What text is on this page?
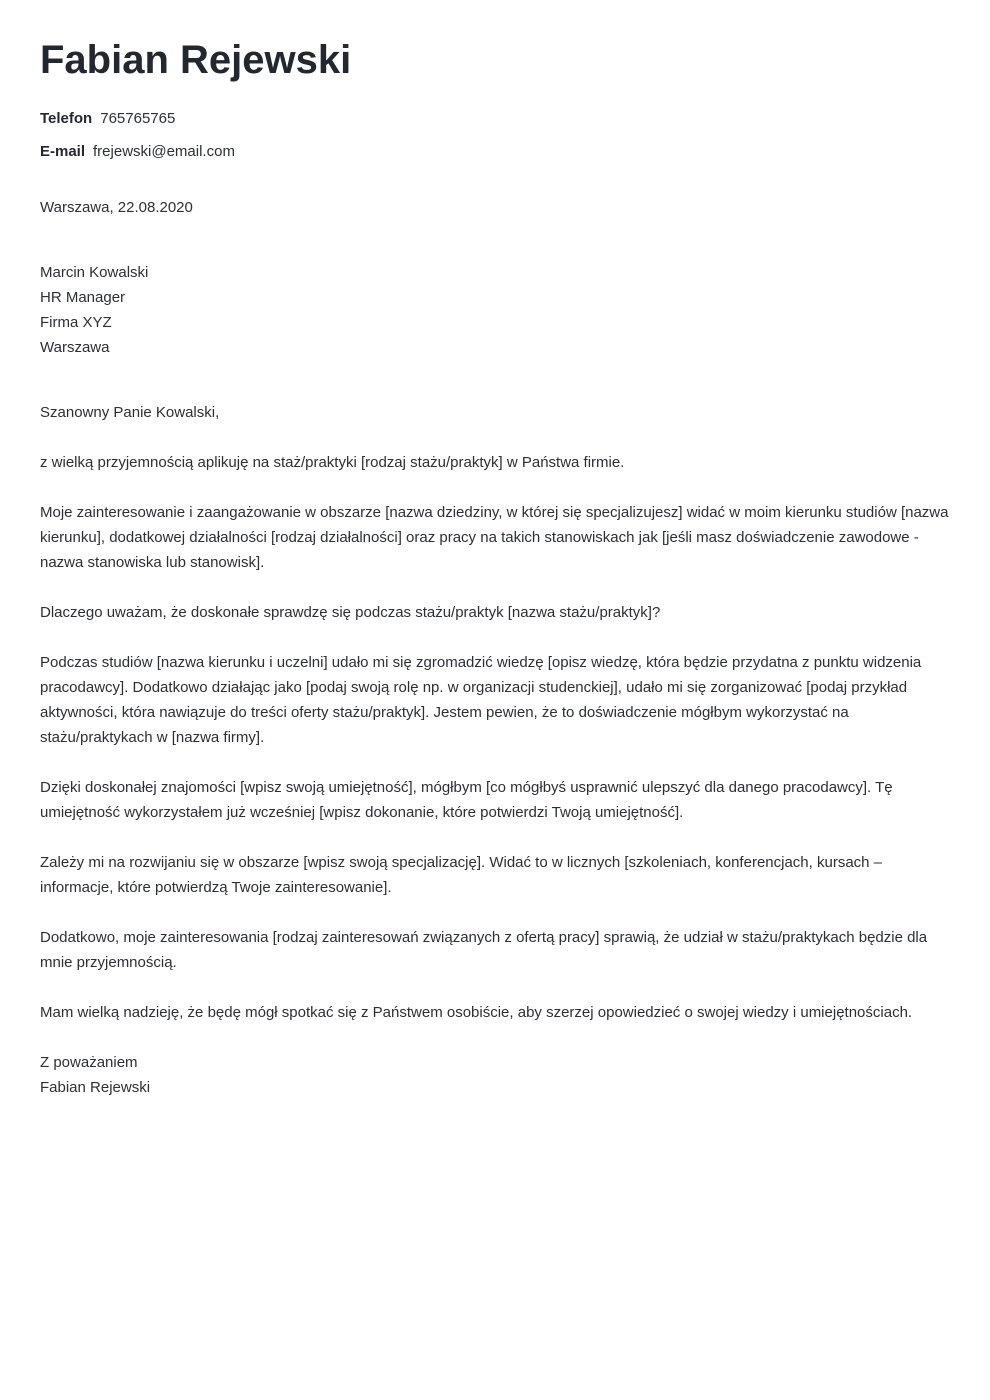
Fabian Rejewski
Telefon 765765765
E-mail frejewski@email.com
Warszawa, 22.08.2020
Marcin Kowalski
HR Manager
Firma XYZ
Warszawa
Szanowny Panie Kowalski,

z wielką przyjemnością aplikuję na staż/praktyki [rodzaj stażu/praktyk] w Państwa firmie.

Moje zainteresowanie i zaangażowanie w obszarze [nazwa dziedziny, w której się specjalizujesz] widać w moim kierunku studiów [nazwa kierunku], dodatkowej działalności [rodzaj działalności] oraz pracy na takich stanowiskach jak [jeśli masz doświadczenie zawodowe - nazwa stanowiska lub stanowisk].

Dlaczego uważam, że doskonałe sprawdzę się podczas stażu/praktyk [nazwa stażu/praktyk]?

Podczas studiów [nazwa kierunku i uczelni] udało mi się zgromadzić wiedzę [opisz wiedzę, która będzie przydatna z punktu widzenia pracodawcy]. Dodatkowo działając jako [podaj swoją rolę np. w organizacji studenckiej], udało mi się zorganizować [podaj przykład aktywności, która nawiązuje do treści oferty stażu/praktyk]. Jestem pewien, że to doświadczenie mógłbym wykorzystać na stażu/praktykach w [nazwa firmy].

Dzięki doskonałej znajomości [wpisz swoją umiejętność], mógłbym [co mógłbyś usprawnić ulepszyć dla danego pracodawcy]. Tę umiejętność wykorzystałem już wcześniej [wpisz dokonanie, które potwierdzi Twoją umiejętność].

Zależy mi na rozwijaniu się w obszarze [wpisz swoją specjalizację]. Widać to w licznych [szkoleniach, konferencjach, kursach – informacje, które potwierdzą Twoje zainteresowanie].

Dodatkowo, moje zainteresowania [rodzaj zainteresowań związanych z ofertą pracy] sprawią, że udział w stażu/praktykach będzie dla mnie przyjemnością.

Mam wielką nadzieję, że będę mógł spotkać się z Państwem osobiście, aby szerzej opowiedzieć o swojej wiedzy i umiejętnościach.

Z poważaniem
Fabian Rejewski
